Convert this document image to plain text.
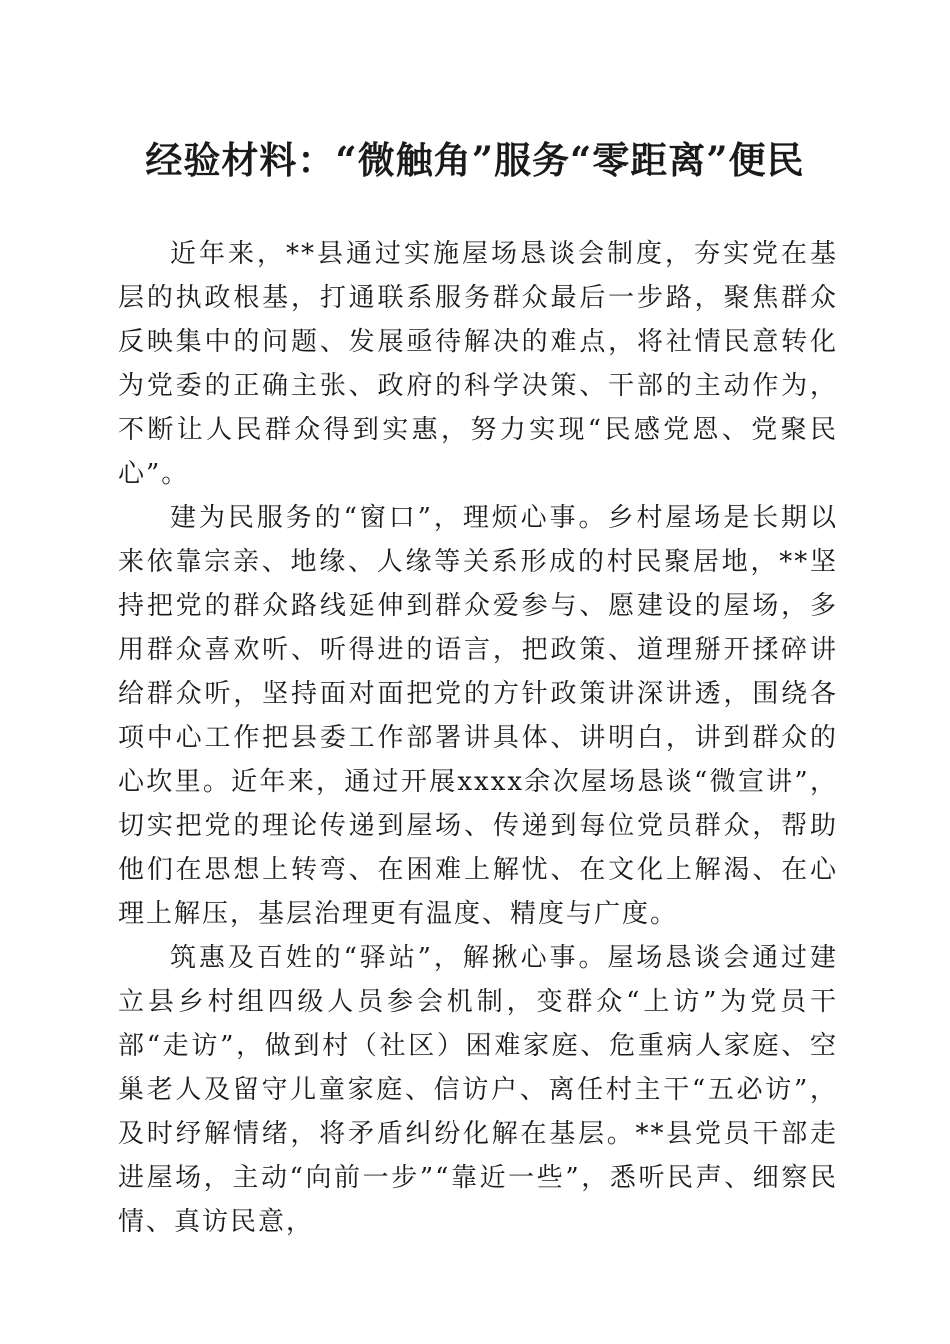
经验材料：“微触角”服务“零距离”便民

近年来，**县通过实施屋场恳谈会制度，夯实党在基层的执政根基，打通联系服务群众最后一步路，聚焦群众反映集中的问题、发展亟待解决的难点，将社情民意转化为党委的正确主张、政府的科学决策、干部的主动作为，不断让人民群众得到实惠，努力实现“民感党恩、党聚民心”。

建为民服务的“窗口”，理烦心事。乡村屋场是长期以来依靠宗亲、地缘、人缘等关系形成的村民聚居地，**坚持把党的群众路线延伸到群众爱参与、愿建设的屋场，多用群众喜欢听、听得进的语言，把政策、道理掰开揉碎讲给群众听，坚持面对面把党的方针政策讲深讲透，围绕各项中心工作把县委工作部署讲具体、讲明白，讲到群众的心坎里。近年来，通过开展xxxx余次屋场恳谈“微宣讲”，切实把党的理论传递到屋场、传递到每位党员群众，帮助他们在思想上转弯、在困难上解忧、在文化上解渴、在心理上解压，基层治理更有温度、精度与广度。

筑惠及百姓的“驿站”，解揪心事。屋场恳谈会通过建立县乡村组四级人员参会机制，变群众“上访”为党员干部“走访”，做到村（社区）困难家庭、危重病人家庭、空巢老人及留守儿童家庭、信访户、离任村主干“五必访”，及时纾解情绪，将矛盾纠纷化解在基层。**县党员干部走进屋场，主动“向前一步”“靠近一些”，悉听民声、细察民情、真访民意，
